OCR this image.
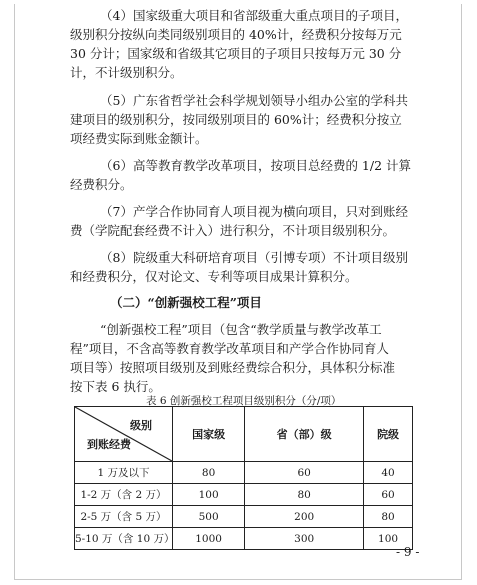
（4）国家级重大项目和省部级重大重点项目的子项目，
级别积分按纵向类同级别项目的 40%计，经费积分按每万元
30 分计；国家级和省级其它项目的子项目只按每万元 30 分
计，不计级别积分。
（5）广东省哲学社会科学规划领导小组办公室的学科共
建项目的级别积分，按同级别项目的 60%计；经费积分按立
项经费实际到账金额计。
（6）高等教育教学改革项目，按项目总经费的 1/2 计算
经费积分。
（7）产学合作协同育人项目视为横向项目，只对到账经
费（学院配套经费不计入）进行积分，不计项目级别积分。
（8）院级重大科研培育项目（引博专项）不计项目级别
和经费积分，仅对论文、专利等项目成果计算积分。
（二）“创新强校工程”项目
“创新强校工程”项目（包含“教学质量与教学改革工
程”项目，不含高等教育教学改革项目和产学合作协同育人
项目等）按照项目级别及到账经费综合积分，具体积分标准
按下表 6 执行。
表 6 创新强校工程项目级别积分（分/项）
级别
到账经费	国家级	省（部）级	院级
1 万及以下	80	60	40
1-2 万（含 2 万）	100	80	60
2-5 万（含 5 万）	500	200	80
5-10 万（含 10 万）	1000	300	100
- 9 -
